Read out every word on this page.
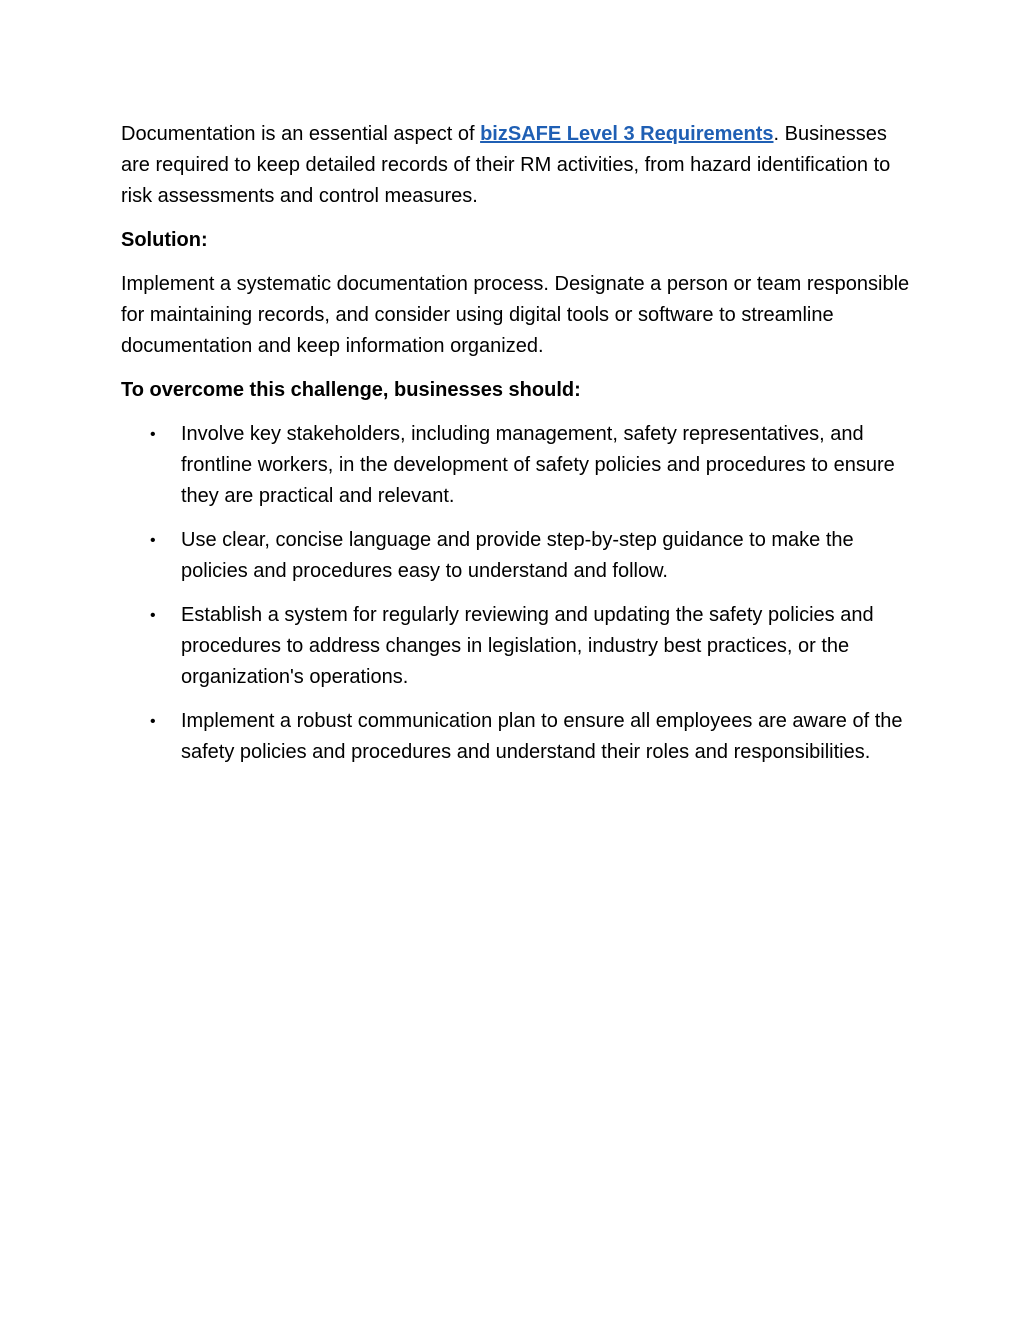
Documentation is an essential aspect of bizSAFE Level 3 Requirements. Businesses are required to keep detailed records of their RM activities, from hazard identification to risk assessments and control measures.

Solution:

Implement a systematic documentation process. Designate a person or team responsible for maintaining records, and consider using digital tools or software to streamline documentation and keep information organized.

To overcome this challenge, businesses should:

• Involve key stakeholders, including management, safety representatives, and frontline workers, in the development of safety policies and procedures to ensure they are practical and relevant.
• Use clear, concise language and provide step-by-step guidance to make the policies and procedures easy to understand and follow.
• Establish a system for regularly reviewing and updating the safety policies and procedures to address changes in legislation, industry best practices, or the organization's operations.
• Implement a robust communication plan to ensure all employees are aware of the safety policies and procedures and understand their roles and responsibilities.
